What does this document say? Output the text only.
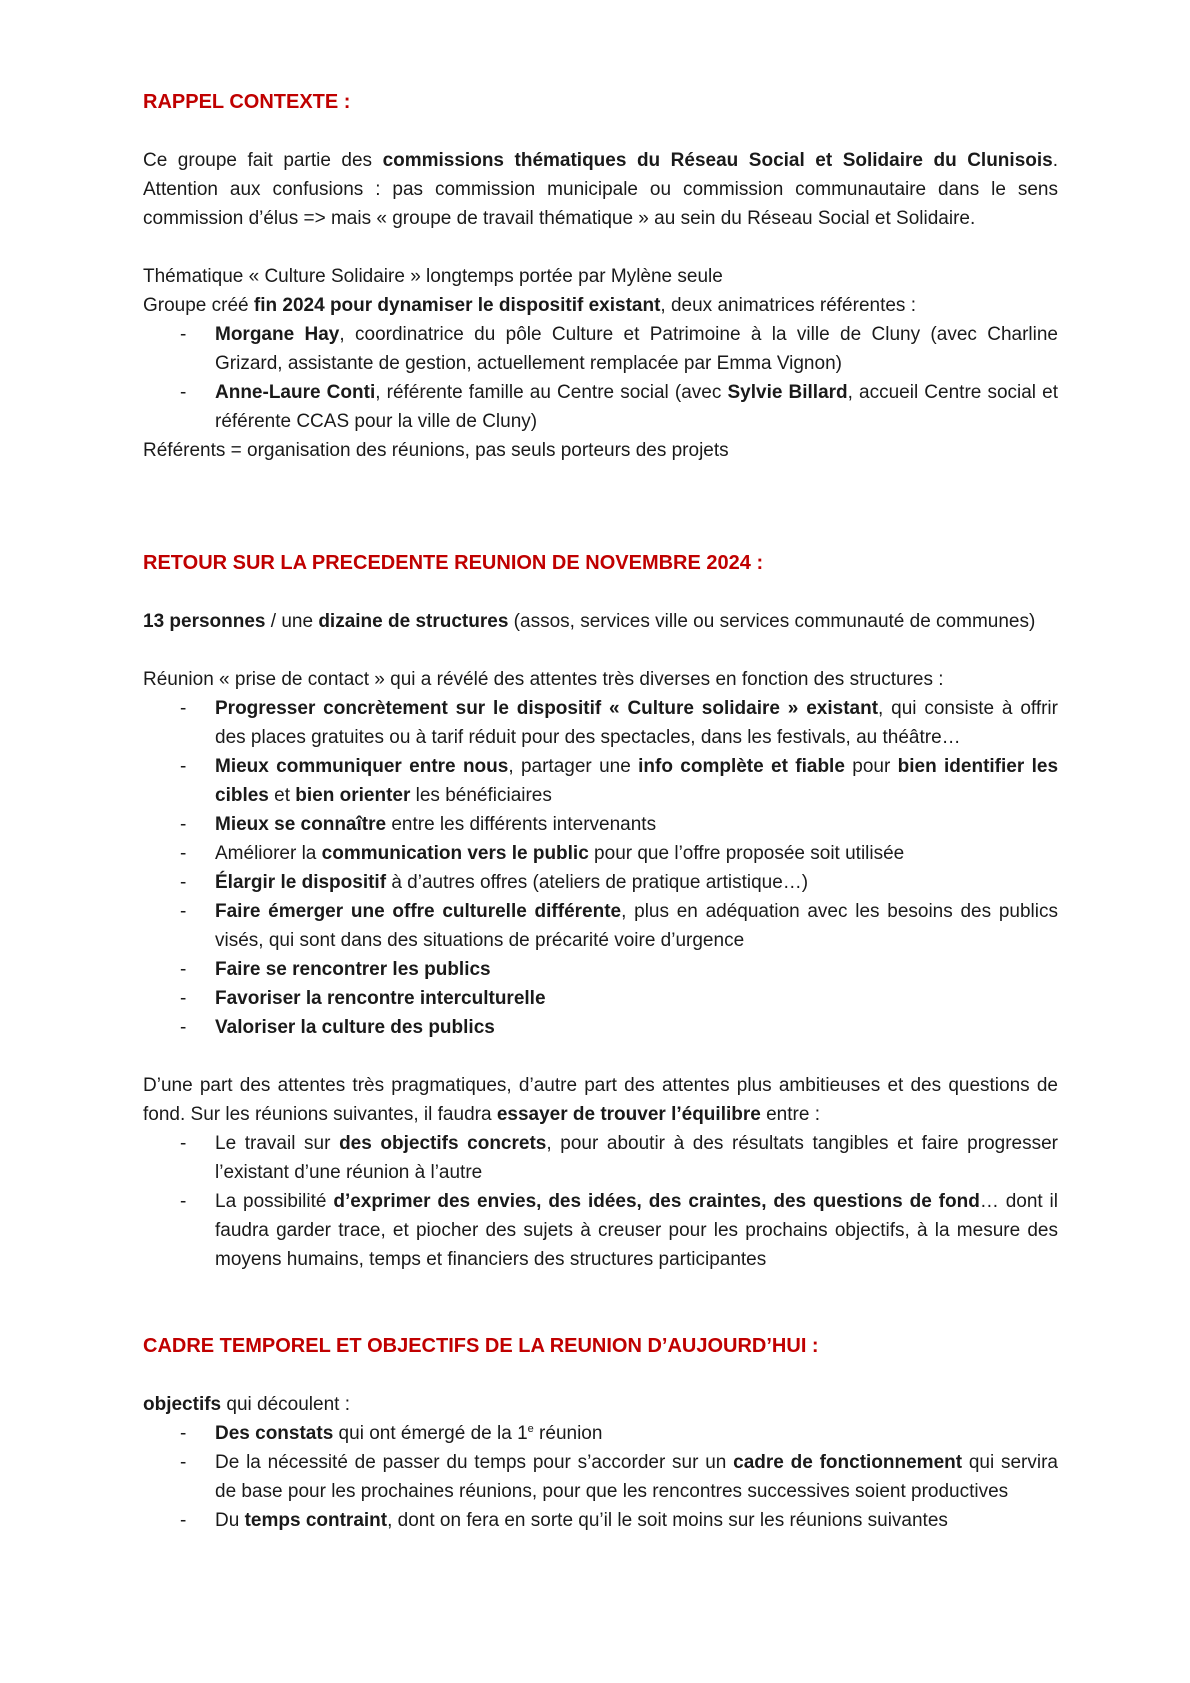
RAPPEL CONTEXTE :

Ce groupe fait partie des commissions thématiques du Réseau Social et Solidaire du Clunisois. Attention aux confusions : pas commission municipale ou commission communautaire dans le sens commission d’élus => mais « groupe de travail thématique » au sein du Réseau Social et Solidaire.

Thématique « Culture Solidaire » longtemps portée par Mylène seule

Groupe créé fin 2024 pour dynamiser le dispositif existant, deux animatrices référentes :

- Morgane Hay, coordinatrice du pôle Culture et Patrimoine à la ville de Cluny (avec Charline Grizard, assistante de gestion, actuellement remplacée par Emma Vignon)
- Anne-Laure Conti, référente famille au Centre social (avec Sylvie Billard, accueil Centre social et référente CCAS pour la ville de Cluny)

Référents = organisation des réunions, pas seuls porteurs des projets

RETOUR SUR LA PRECEDENTE REUNION DE NOVEMBRE 2024 :

13 personnes / une dizaine de structures (assos, services ville ou services communauté de communes)

Réunion « prise de contact » qui a révélé des attentes très diverses en fonction des structures :

- Progresser concrètement sur le dispositif « Culture solidaire » existant, qui consiste à offrir des places gratuites ou à tarif réduit pour des spectacles, dans les festivals, au théâtre…
- Mieux communiquer entre nous, partager une info complète et fiable pour bien identifier les cibles et bien orienter les bénéficiaires
- Mieux se connaître entre les différents intervenants
- Améliorer la communication vers le public pour que l’offre proposée soit utilisée
- Élargir le dispositif à d’autres offres (ateliers de pratique artistique…)
- Faire émerger une offre culturelle différente, plus en adéquation avec les besoins des publics visés, qui sont dans des situations de précarité voire d’urgence
- Faire se rencontrer les publics
- Favoriser la rencontre interculturelle
- Valoriser la culture des publics

D’une part des attentes très pragmatiques, d’autre part des attentes plus ambitieuses et des questions de fond. Sur les réunions suivantes, il faudra essayer de trouver l’équilibre entre :

- Le travail sur des objectifs concrets, pour aboutir à des résultats tangibles et faire progresser l’existant d’une réunion à l’autre
- La possibilité d’exprimer des envies, des idées, des craintes, des questions de fond… dont il faudra garder trace, et piocher des sujets à creuser pour les prochains objectifs, à la mesure des moyens humains, temps et financiers des structures participantes
CADRE TEMPOREL ET OBJECTIFS DE LA REUNION D’AUJOURD’HUI :

objectifs qui découlent :

- Des constats qui ont émergé de la 1e réunion
- De la nécessité de passer du temps pour s’accorder sur un cadre de fonctionnement qui servira de base pour les prochaines réunions, pour que les rencontres successives soient productives
- Du temps contraint, dont on fera en sorte qu’il le soit moins sur les réunions suivantes
